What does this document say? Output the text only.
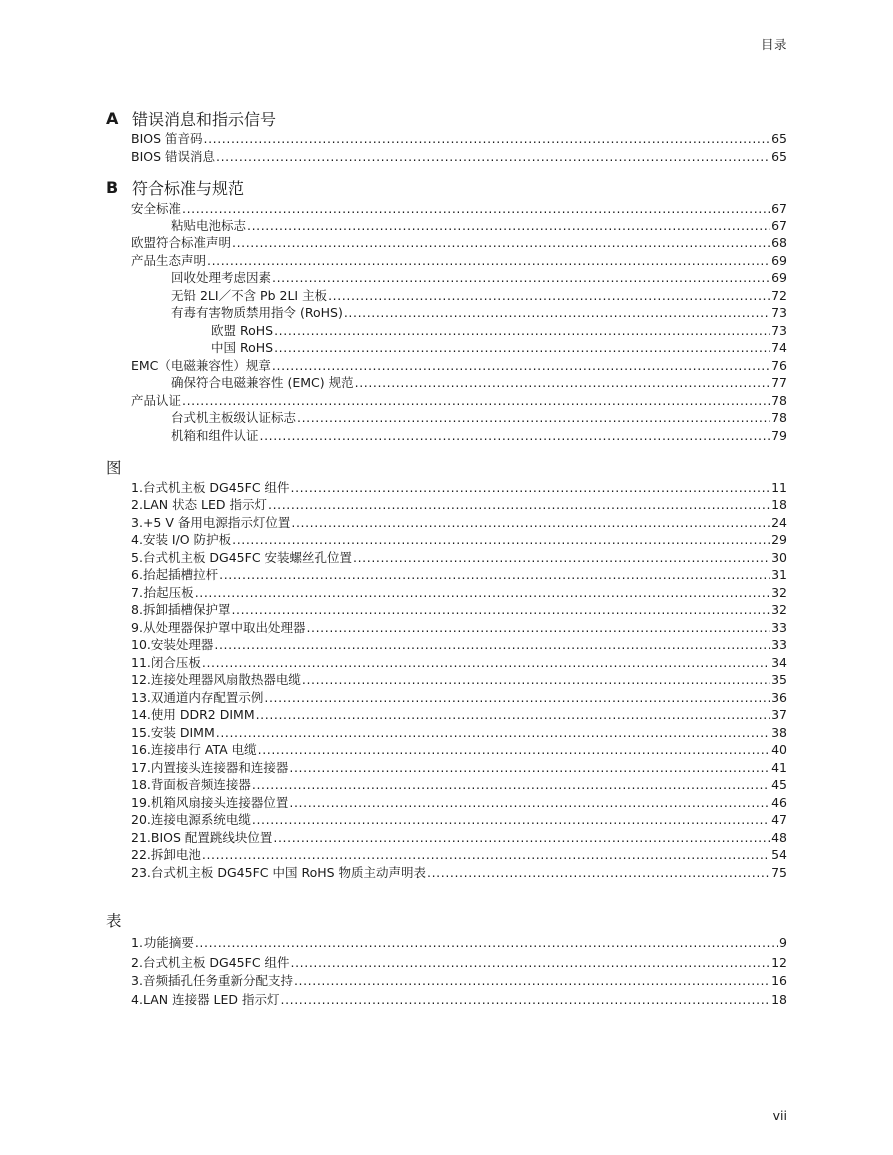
目录
A 错误消息和指示信号
BIOS 笛音码 .....	65
BIOS 错误消息 .....	65
B 符合标准与规范
安全标准 .....	67
粘贴电池标志 .....	67
欧盟符合标准声明 .....	68
产品生态声明 .....	69
回收处理考虑因素 .....	69
无铅 2LI／不含 Pb 2LI 主板 .....	72
有毒有害物质禁用指令 (RoHS) .....	73
欧盟 RoHS .....	73
中国 RoHS .....	74
EMC（电磁兼容性）规章 .....	76
确保符合电磁兼容性 (EMC) 规范 .....	77
产品认证 .....	78
台式机主板级认证标志 .....	78
机箱和组件认证 .....	79
图
1. 台式机主板 DG45FC 组件 .....	11
2. LAN 状态 LED 指示灯 .....	18
3. +5 V 备用电源指示灯位置 .....	24
4. 安装 I/O 防护板 .....	29
5. 台式机主板 DG45FC 安装螺丝孔位置 .....	30
6. 抬起插槽拉杆 .....	31
7. 抬起压板 .....	32
8. 拆卸插槽保护罩 .....	32
9. 从处理器保护罩中取出处理器 .....	33
10. 安装处理器 .....	33
11. 闭合压板 .....	34
12. 连接处理器风扇散热器电缆 .....	35
13. 双通道内存配置示例 .....	36
14. 使用 DDR2 DIMM .....	37
15. 安装 DIMM .....	38
16. 连接串行 ATA 电缆 .....	40
17. 内置接头连接器和连接器 .....	41
18. 背面板音频连接器 .....	45
19. 机箱风扇接头连接器位置 .....	46
20. 连接电源系统电缆 .....	47
21. BIOS 配置跳线块位置 .....	48
22. 拆卸电池 .....	54
23. 台式机主板 DG45FC 中国 RoHS 物质主动声明表 .....	75
表
1. 功能摘要 .....	9
2. 台式机主板 DG45FC 组件 .....	12
3. 音频插孔任务重新分配支持 .....	16
4. LAN 连接器 LED 指示灯 .....	18
vii
